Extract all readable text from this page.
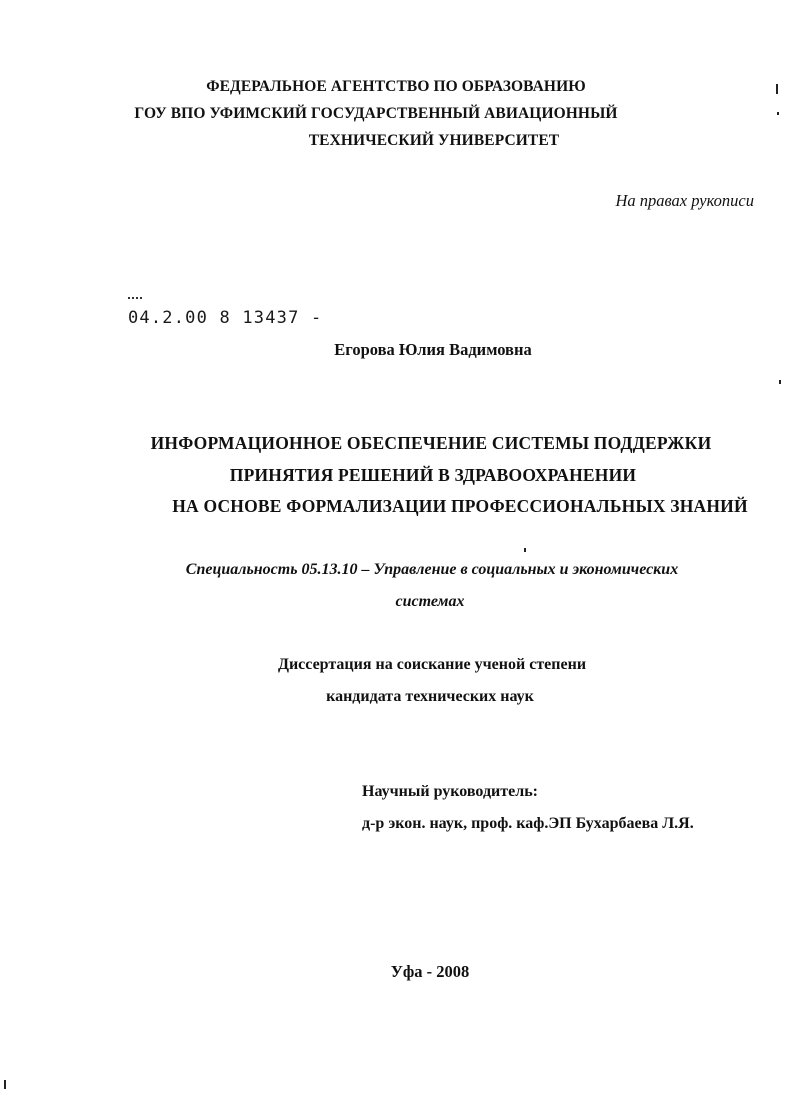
ФЕДЕРАЛЬНОЕ АГЕНТСТВО ПО ОБРАЗОВАНИЮ
ГОУ ВПО УФИМСКИЙ ГОСУДАРСТВЕННЫЙ АВИАЦИОННЫЙ
ТЕХНИЧЕСКИЙ УНИВЕРСИТЕТ
На правах рукописи
04.2.00 8 13437 -
Егорова Юлия Вадимовна
ИНФОРМАЦИОННОЕ ОБЕСПЕЧЕНИЕ СИСТЕМЫ ПОДДЕРЖКИ
ПРИНЯТИЯ РЕШЕНИЙ В ЗДРАВООХРАНЕНИИ
НА ОСНОВЕ ФОРМАЛИЗАЦИИ ПРОФЕССИОНАЛЬНЫХ ЗНАНИЙ
Специальность 05.13.10 – Управление в социальных и экономических
системах
Диссертация на соискание ученой степени
кандидата технических наук
Научный руководитель:
д-р экон. наук, проф. каф.ЭП Бухарбаева Л.Я.
Уфа - 2008
